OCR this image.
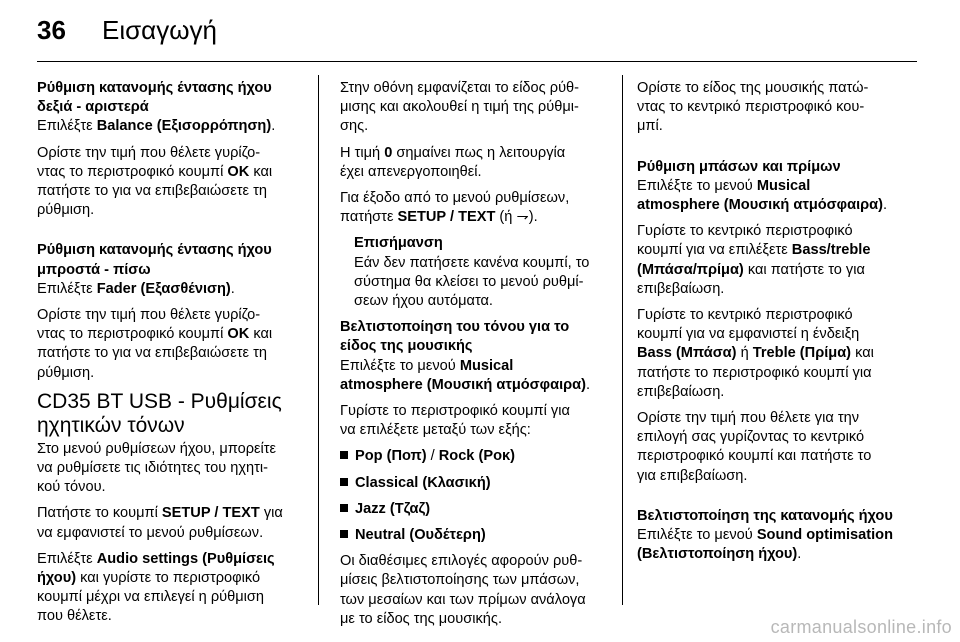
36 Εισαγωγή
Ρύθμιση κατανομής έντασης ήχου
δεξιά - αριστερά

Επιλέξτε Balance (Εξισορρόπηση).

Ορίστε την τιμή που θέλετε γυρίζο-
ντας το περιστροφικό κουμπί OK και
πατήστε το για να επιβεβαιώσετε τη
ρύθμιση.

Ρύθμιση κατανομής έντασης ήχου
μπροστά - πίσω

Επιλέξτε Fader (Εξασθένιση).

Ορίστε την τιμή που θέλετε γυρίζο-
ντας το περιστροφικό κουμπί OK και
πατήστε το για να επιβεβαιώσετε τη
ρύθμιση.

CD35 BT USB - Ρυθμίσεις
ηχητικών τόνων

Στο μενού ρυθμίσεων ήχου, μπορείτε
να ρυθμίσετε τις ιδιότητες του ηχητι-
κού τόνου.

Πατήστε το κουμπί SETUP / TEXT για
να εμφανιστεί το μενού ρυθμίσεων.

Επιλέξτε Audio settings (Ρυθμίσεις
ήχου) και γυρίστε το περιστροφικό
κουμπί μέχρι να επιλεγεί η ρύθμιση
που θέλετε.

Στην οθόνη εμφανίζεται το είδος ρύθ-
μισης και ακολουθεί η τιμή της ρύθμι-
σης.

Η τιμή 0 σημαίνει πως η λειτουργία
έχει απενεργοποιηθεί.

Για έξοδο από το μενού ρυθμίσεων,
πατήστε SETUP / TEXT (ή ⇁).

Επισήμανση
Εάν δεν πατήσετε κανένα κουμπί, το
σύστημα θα κλείσει το μενού ρυθμί-
σεων ήχου αυτόματα.
Βελτιστοποίηση του τόνου για το
είδος της μουσικής

Επιλέξτε το μενού Musical
atmosphere (Μουσική ατμόσφαιρα).

Γυρίστε το περιστροφικό κουμπί για
να επιλέξετε μεταξύ των εξής:

Pop (Ποπ) / Rock (Ροκ)
Classical (Κλασική)
Jazz (Τζαζ)
Neutral (Ουδέτερη)

Οι διαθέσιμες επιλογές αφορούν ρυθ-
μίσεις βελτιστοποίησης των μπάσων,
των μεσαίων και των πρίμων ανάλογα
με το είδος της μουσικής.

Ορίστε το είδος της μουσικής πατώ-
ντας το κεντρικό περιστροφικό κου-
μπί.

Ρύθμιση μπάσων και πρίμων

Επιλέξτε το μενού Musical
atmosphere (Μουσική ατμόσφαιρα).

Γυρίστε το κεντρικό περιστροφικό
κουμπί για να επιλέξετε Bass/treble
(Μπάσα/πρίμα) και πατήστε το για
επιβεβαίωση.

Γυρίστε το κεντρικό περιστροφικό
κουμπί για να εμφανιστεί η ένδειξη
Bass (Μπάσα) ή Treble (Πρίμα) και
πατήστε το περιστροφικό κουμπί για
επιβεβαίωση.

Ορίστε την τιμή που θέλετε για την
επιλογή σας γυρίζοντας το κεντρικό
περιστροφικό κουμπί και πατήστε το
για επιβεβαίωση.

Βελτιστοποίηση της κατανομής ήχου

Επιλέξτε το μενού Sound optimisation
(Βελτιστοποίηση ήχου).

carmanualsonline.info
